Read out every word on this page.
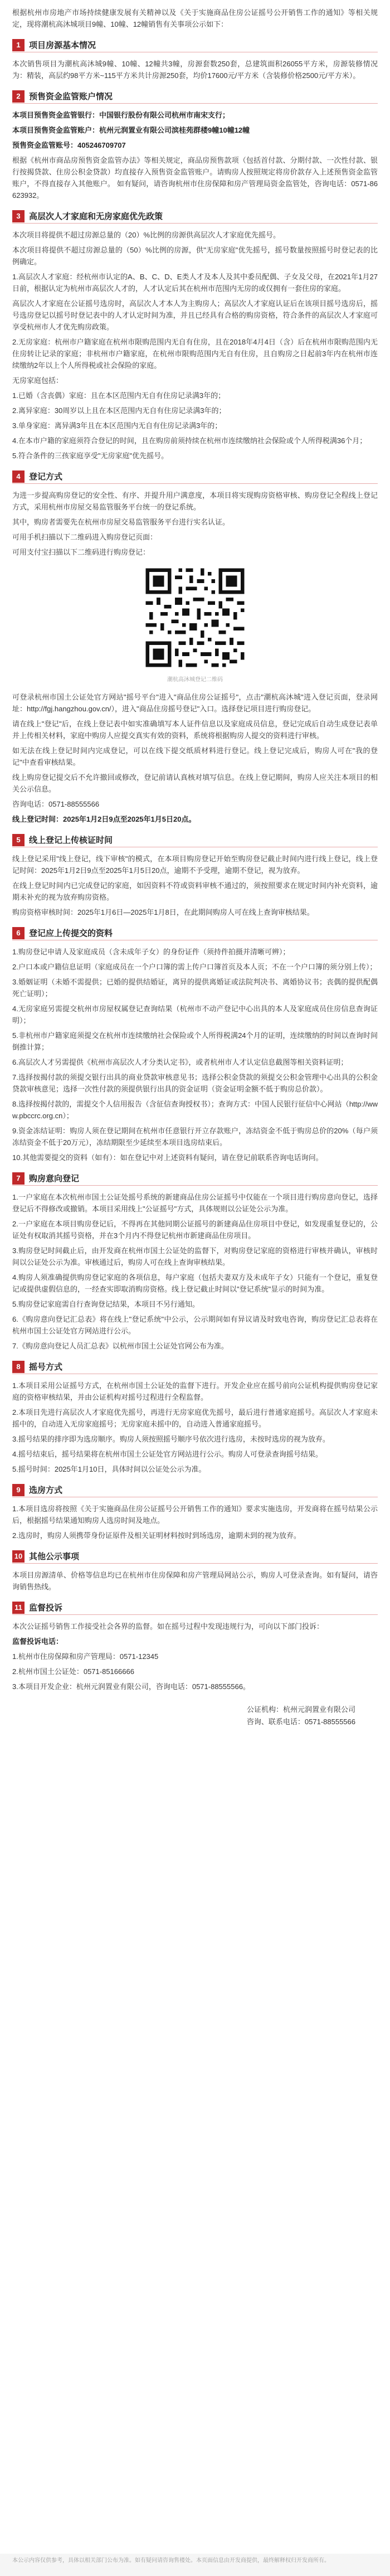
根据杭州市房地产市场持续健康发展有关精神以及《关于实施商品住房公证摇号公开销售工作的通知》等相关规定，现将潮杭高沐城项目9幢、10幢、12幢销售有关事项公示如下：

1	项目房源基本情况

本次销售项目为潮杭高沐城9幢、10幢、12幢共3幢，房源套数250套，总建筑面积26055平方米，房源装修情况为：精装，高层约98平方米~115平方米共计房源250套，均价17600元/平方米（含装修价格2500元/平方米）。

2	预售资金监管账户情况

本项目预售资金监管银行：中国银行股份有限公司杭州市南宋支行；

本项目预售资金监管账户：杭州元润置业有限公司滨桂苑群楼9幢10幢12幢

预售资金监管账号：405246709707

根据《杭州市商品房预售资金监管办法》等相关规定，商品房预售款项（包括首付款、分期付款、一次性付款、银行按揭贷款、住房公积金贷款）均直接存入预售资金监管账户。请购房人按照规定将房价款存入上述预售资金监管账户，不得直接存入其他账户。 如有疑问，请咨询杭州市住房保障和房产管理局资金监管处，咨询电话：0571-86623932。

3	高层次人才家庭和无房家庭优先政策

本次项目将提供不超过房源总量的（20）%比例的房源供高层次人才家庭优先摇号。

本次项目将提供不超过房源总量的（50）%比例的房源，供"无房家庭"优先摇号，摇号数量按照摇号时登记表的比例确定。

1.高层次人才家庭：经杭州市认定的A、B、C、D、E类人才及本人及其中委员配偶、子女及父母，在2021年1月27日前，根据认定为杭州市高层次人才的，人才认定后其在杭州市范围内无房的或仅拥有一套住房的家庭。

高层次人才家庭在公证摇号选房时，高层次人才本人为主购房人；高层次人才家庭认证后在该项目摇号选房后，摇号选房登记以摇号时登记表中的人才认定时间为准，并且已经具有合格的购房资格，符合条件的高层次人才家庭可享受杭州市人才优先购房政策。

2.无房家庭：杭州市户籍家庭在杭州市限购范围内无自有住房，且在2018年4月4日（含）后在杭州市限购范围内无住房转让记录的家庭；非杭州市户籍家庭，在杭州市限购范围内无自有住房，且自购房之日起前3年内在杭州市连续缴纳2年以上个人所得税或社会保险的家庭。

无房家庭包括：

1.已婚（含丧偶）家庭：且在本区范围内无自有住房记录满3年的；

2.离异家庭：30周岁以上且在本区范围内无自有住房记录满3年的；

3.单身家庭：离异满3年且在本区范围内无自有住房记录满3年的；

4.在本市户籍的家庭须符合登记的时间，且在购房前须持续在杭州市连续缴纳社会保险或个人所得税满36个月；

5.符合条件的三孩家庭享受"无房家庭"优先摇号。

4	登记方式

为进一步提高购房登记的安全性、有序、并提升用户满意度，本项目将实现购房资格审核、购房登记全程线上登记方式，采用杭州市房屋交易监管服务平台统一的登记系统。

其中，购房者需要先在杭州市房屋交易监管服务平台进行实名认证。

可用手机扫描以下二维码进入购房登记页面：

可用支付宝扫描以下二维码进行购房登记：

潮杭高沐城登记二维码

可登录杭州市国土公证处官方网站"摇号平台"进入"商品住房公证摇号"，点击"潮杭高沐城"进入登记页面，登录网址：http://fgj.hangzhou.gov.cn/），进入"商品住房摇号登记"入口。选择登记项目进行购房登记。

请在线上"登记"后，在线上登记表中如实准确填写本人证件信息以及家庭成员信息，登记完成后自动生成登记表单并上传相关材料，家庭中购房人应提交真实有效的资料，系统将根据购房人提交的资料进行审核。

如无法在线上登记时间内完成登记，可以在线下提交纸质材料进行登记。线上登记完成后，购房人可在"我的登记"中查看审核结果。

线上购房登记提交后不允许撤回或修改，登记前请认真核对填写信息。在线上登记期间，购房人应关注本项目的相关公示信息。

咨询电话：0571-88555566

线上登记时间：2025年1月2日9点至2025年1月5日20点。

5	线上登记上传核证时间

线上登记采用"线上登记，线下审核"的模式，在本项目购房登记开始至购房登记截止时间内进行线上登记，线上登记时间：2025年1月2日9点至2025年1月5日20点，逾期不予受理，逾期不登记，视为放弃。

在线上登记时间内已完成登记的家庭，如因资料不符或资料审核不通过的，须按照要求在规定时间内补充资料，逾期未补充的视为放弃购房资格。

购房资格审核时间：2025年1月6日—2025年1月8日，在此期间购房人可在线上查询审核结果。

6	登记应上传提交的资料

1.购房登记申请人及家庭成员（含未成年子女）的身份证件（须持件拍摄并清晰可辨）；

2.户口本或户籍信息证明（家庭成员在一个户口簿的需上传户口簿首页及本人页；不在一个户口簿的须分别上传）；

3.婚姻证明（未婚不需提供；已婚的提供结婚证，离异的提供离婚证或法院判决书、离婚协议书；丧偶的提供配偶死亡证明）；

4.无房家庭另需提交杭州市房屋权属登记查询结果（杭州市不动产登记中心出具的本人及家庭成员住房信息查询证明）；

5.非杭州市户籍家庭须提交在杭州市连续缴纳社会保险或个人所得税满24个月的证明，连续缴纳的时间以查询时间倒推计算；

6.高层次人才另需提供《杭州市高层次人才分类认定书》，或者杭州市人才认定信息截图等相关资料证明；

7.选择按揭付款的须提交银行出具的商业贷款审核意见书；选择公积金贷款的须提交公积金管理中心出具的公积金贷款审核意见；选择一次性付款的须提供银行出具的资金证明（资金证明金额不低于购房总价款）。

8.选择按揭付款的，需提交个人信用报告（含征信查询授权书）；查询方式：中国人民银行征信中心网站（http://www.pbccrc.org.cn）；

9.资金冻结证明：购房人须在登记期间在杭州市任意银行开立存款账户，冻结资金不低于购房总价的20%（每户须冻结资金不低于20万元），冻结期限至少延续至本项目选房结束后。

10.其他需要提交的资料（如有）：如在登记中对上述资料有疑问，请在登记前联系咨询电话询问。

7	购房意向登记

1.一户家庭在本次杭州市国土公证处摇号系统的新建商品住房公证摇号中仅能在一个项目进行购房意向登记，选择登记后不得修改或撤销。本项目采用线上"公证摇号"方式，具体规则以公证处公示为准。

2.一户家庭在本项目购房登记后，不得再在其他同期公证摇号的新建商品住房项目中登记，如发现重复登记的，公证处有权取消其摇号资格，并在3个月内不得登记杭州市新建商品住房项目。

3.购房登记时间截止后，由开发商在杭州市国土公证处的监督下，对购房登记家庭的资格进行审核并确认，审核时间以公证处公示为准。审核通过后，购房人可在线上查询审核结果。

4.购房人须准确提供购房登记家庭的各项信息，每户家庭（包括夫妻双方及未成年子女）只能有一个登记，重复登记或提供虚假信息的，一经查实即取消购房资格。线上登记截止时间以"登记系统"显示的时间为准。

5.购房登记家庭需自行查询登记结果，本项目不另行通知。

6.《购房意向登记汇总表》将在线上"登记系统"中公示，公示期间如有异议请及时致电咨询，购房登记汇总表将在杭州市国土公证处官方网站进行公示。

7.《购房意向登记人员汇总表》以杭州市国土公证处官网公布为准。

8	摇号方式

1.本项目采用公证摇号方式，在杭州市国土公证处的监督下进行。开发企业应在摇号前向公证机构提供购房登记家庭的资格审核结果，并由公证机构对摇号过程进行全程监督。

2.本项目先进行高层次人才家庭优先摇号，再进行无房家庭优先摇号，最后进行普通家庭摇号。高层次人才家庭未摇中的，自动进入无房家庭摇号；无房家庭未摇中的，自动进入普通家庭摇号。

3.摇号结果的排序即为选房顺序。购房人须按照摇号顺序号依次进行选房，未按时选房的视为放弃。

4.摇号结束后，摇号结果将在杭州市国土公证处官方网站进行公示。购房人可登录查询摇号结果。

5.摇号时间：2025年1月10日，具体时间以公证处公示为准。

9	选房方式

1.本项目选房将按照《关于实施商品住房公证摇号公开销售工作的通知》要求实施选房，开发商将在摇号结果公示后，根据摇号结果通知购房人选房时间及地点。

2.选房时，购房人须携带身份证原件及相关证明材料按时到场选房，逾期未到的视为放弃。

10 其他公示事项

本项目房源清单、价格等信息均已在杭州市住房保障和房产管理局网站公示，购房人可登录查询。如有疑问，请咨询销售热线。

11 监督投诉

本次公证摇号销售工作接受社会各界的监督。如在摇号过程中发现违规行为，可向以下部门投诉：

监督投诉电话：

1.杭州市住房保障和房产管理局：0571-12345

2.杭州市国土公证处：0571-85166666

3.本项目开发企业：杭州元润置业有限公司，咨询电话：0571-88555566。

公证机构：杭州元润置业有限公司
咨询、联系电话：0571-88555566
本公示内容仅供参考，具体以相关部门公布为准。如有疑问请咨询售楼处。本页面信息由开发商提供，最终解释权归开发商所有。
